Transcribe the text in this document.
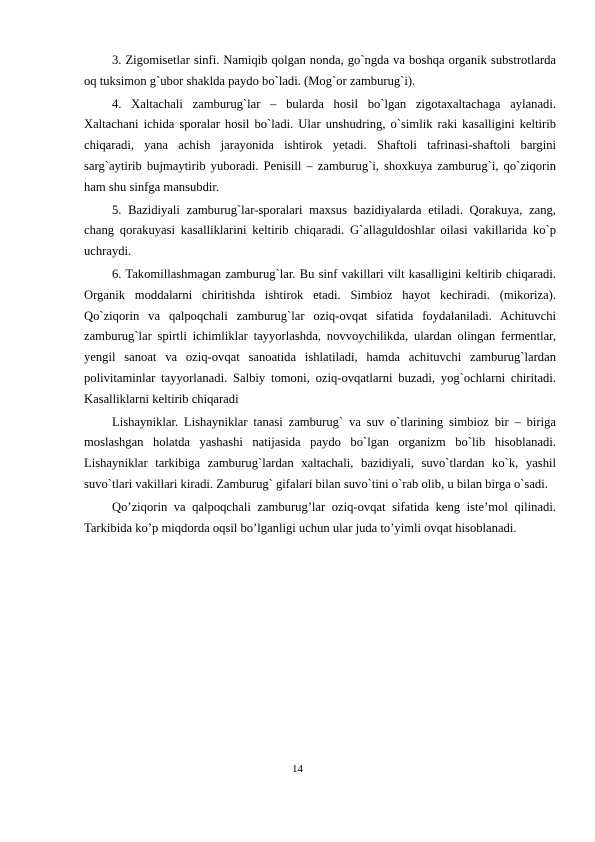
3. Zigomisetlar sinfi. Namiqib qolgan nonda, go`ngda va boshqa organik substrotlarda oq tuksimon g`ubor shaklda paydo bo`ladi. (Mog`or zamburug`i).

4. Xaltachali zamburug`lar – bularda hosil bo`lgan zigotaxaltachaga aylanadi. Xaltachani ichida sporalar hosil bo`ladi. Ular unshudring, o`simlik raki kasalligini keltirib chiqaradi, yana achish jarayonida ishtirok yetadi. Shaftoli tafrinasi-shaftoli bargini sarg`aytirib bujmaytirib yuboradi. Penisill – zamburug`i, shoxkuya zamburug`i, qo`ziqorin ham shu sinfga mansubdir.

5. Bazidiyali zamburug`lar-sporalari maxsus bazidiyalarda etiladi. Qorakuya, zang, chang qorakuyasi kasalliklarini keltirib chiqaradi. G`allaguldoshlar oilasi vakillarida ko`p uchraydi.

6. Takomillashmagan zamburug`lar. Bu sinf vakillari vilt kasalligini keltirib chiqaradi. Organik moddalarni chiritishda ishtirok etadi. Simbioz hayot kechiradi. (mikoriza). Qo`ziqorin va qalpoqchali zamburug`lar oziq-ovqat sifatida foydalaniladi. Achituvchi zamburug`lar spirtli ichimliklar tayyorlashda, novvoychilikda, ulardan olingan fermentlar, yengil sanoat va oziq-ovqat sanoatida ishlatiladi, hamda achituvchi zamburug`lardan polivitaminlar tayyorlanadi. Salbiy tomoni, oziq-ovqatlarni buzadi, yog`ochlarni chiritadi. Kasalliklarni keltirib chiqaradi

Lishayniklar. Lishayniklar tanasi zamburug` va suv o`tlarining simbioz bir – biriga moslashgan holatda yashashi natijasida paydo bo`lgan organizm bo`lib hisoblanadi. Lishayniklar tarkibiga zamburug`lardan xaltachali, bazidiyali, suvo`tlardan ko`k, yashil suvo`tlari vakillari kiradi. Zamburug` gifalari bilan suvo`tini o`rab olib, u bilan birga o`sadi.

Qo’ziqorin va qalpoqchali zamburug’lar oziq-ovqat sifatida keng iste’mol qilinadi. Tarkibida ko’p miqdorda oqsil bo’lganligi uchun ular juda to’yimli ovqat hisoblanadi.

14
